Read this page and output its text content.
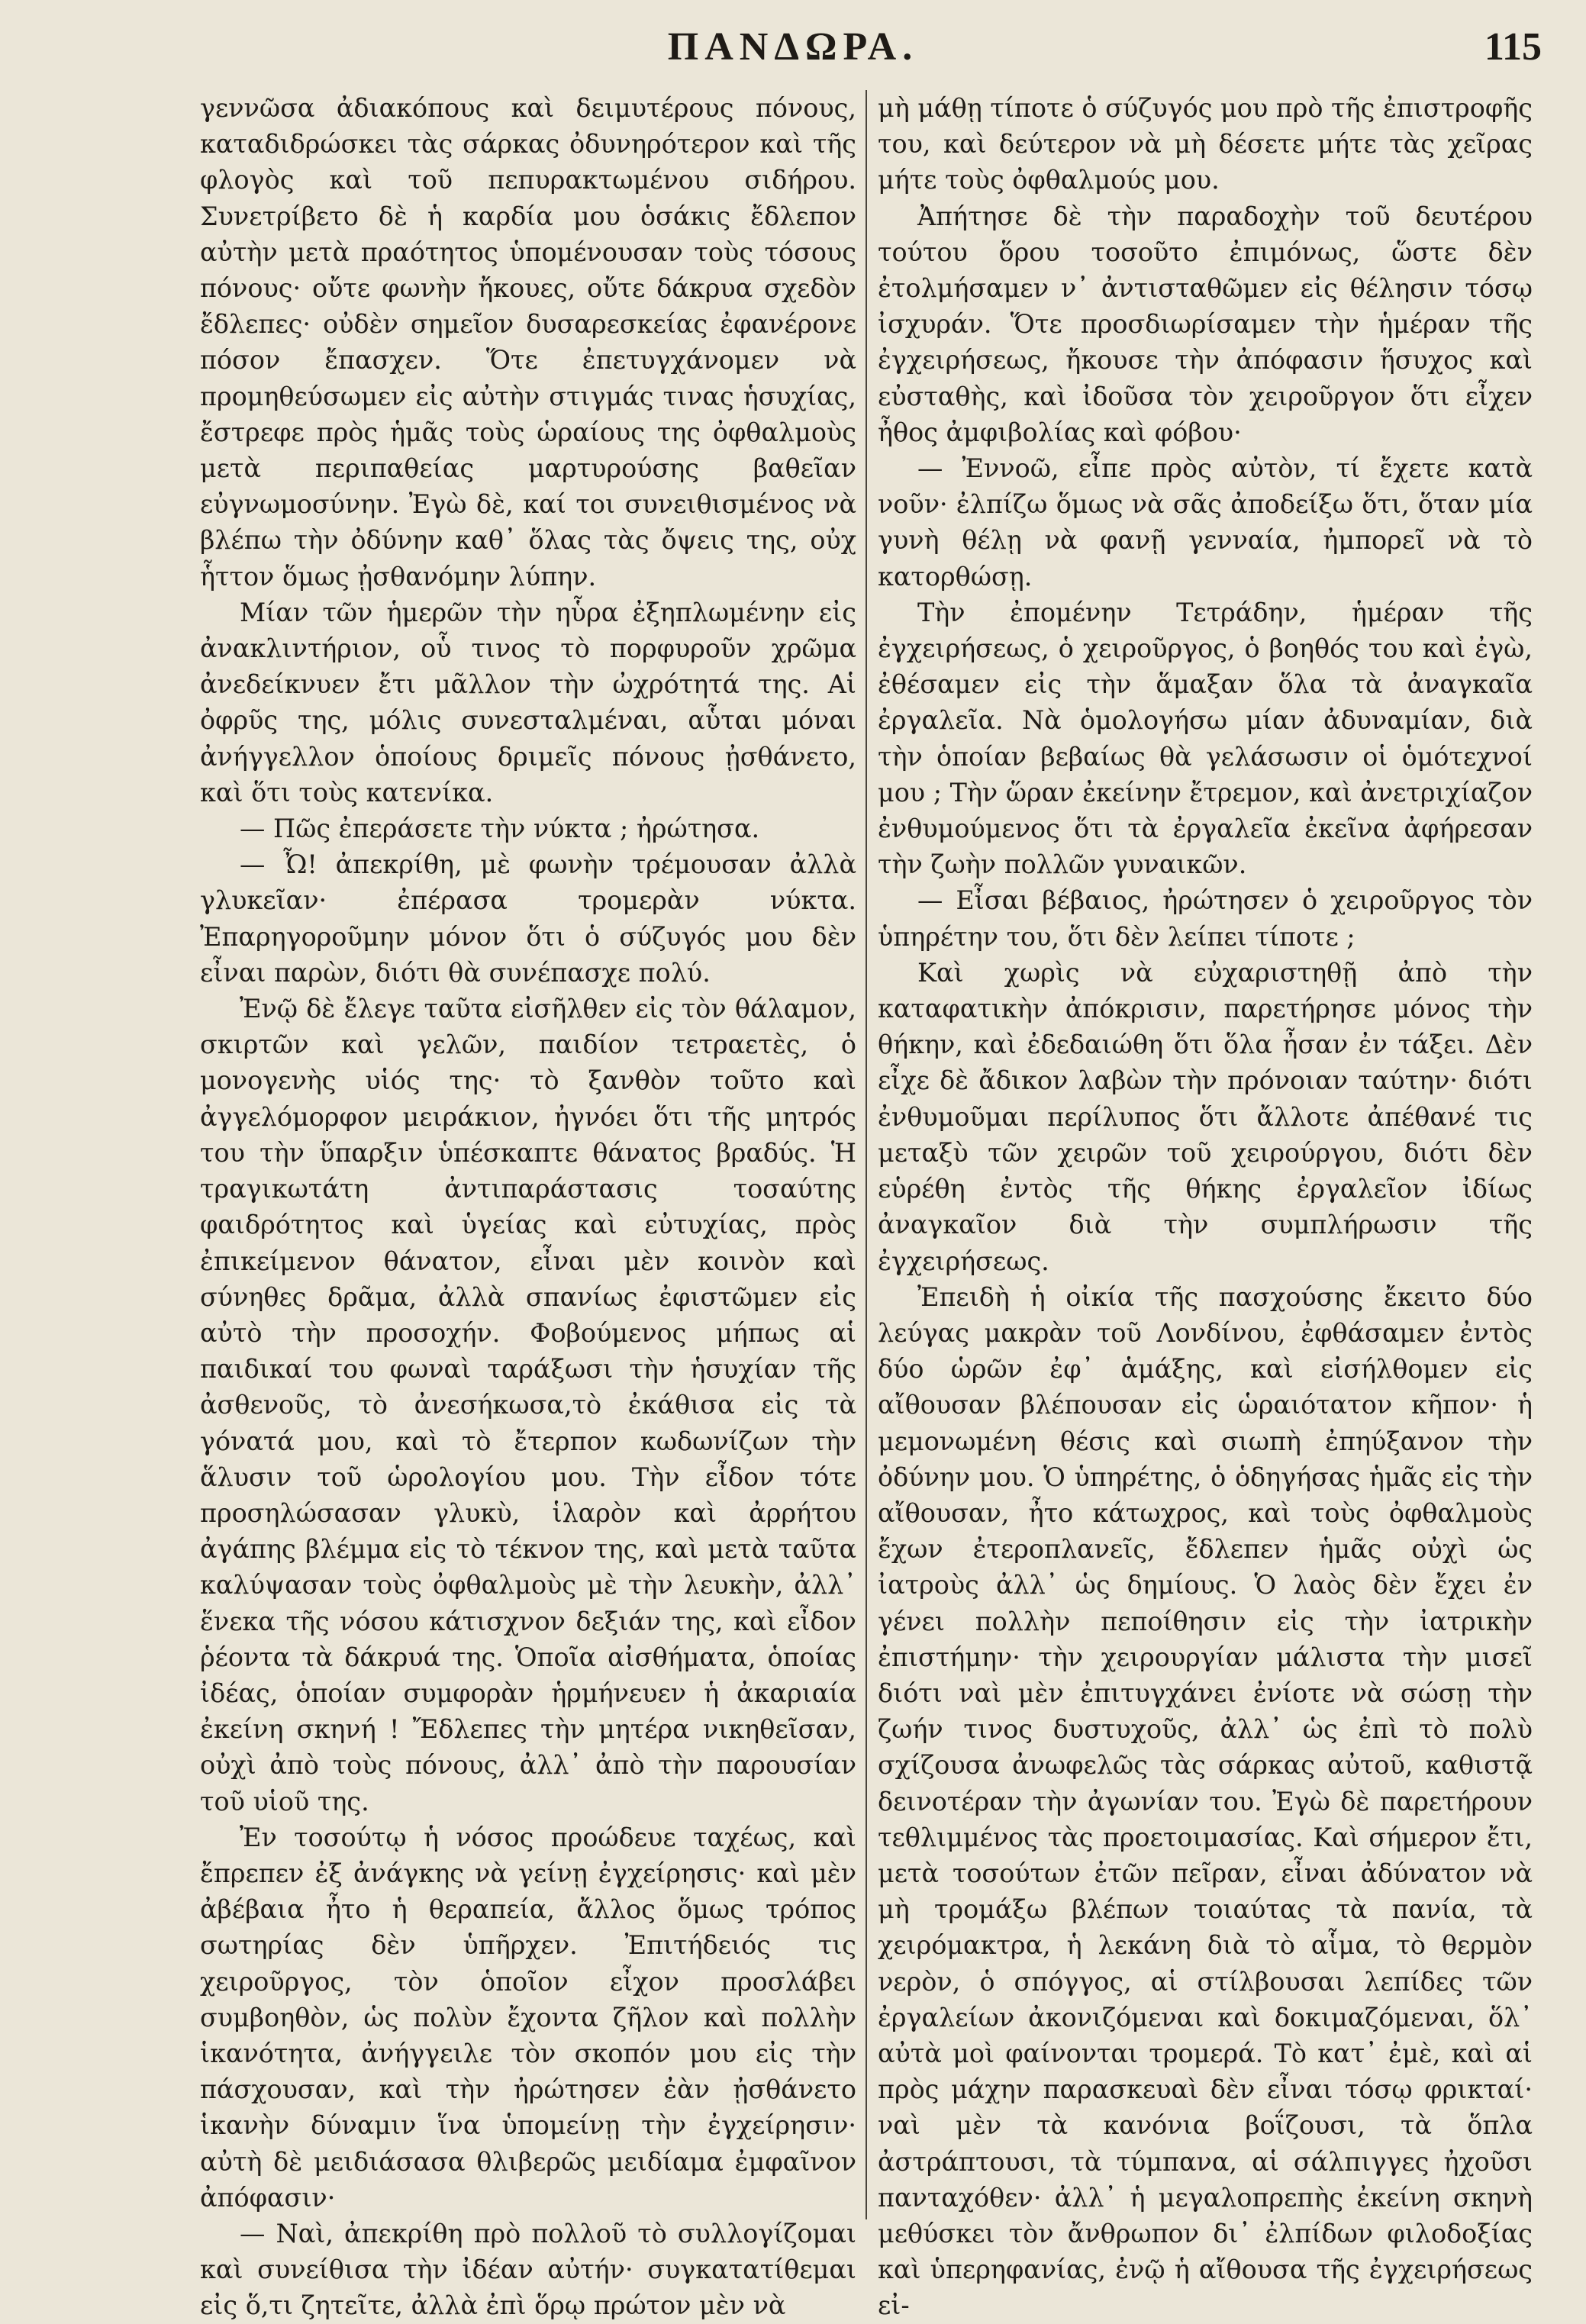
ΠΑΝΔΩΡΑ.	115

γεννῶσα ἀδιακόπους καὶ δειμυτέρους πόνους, καταδιδρώσκει τὰς σάρκας ὀδυνηρότερον καὶ τῆς φλογὸς καὶ τοῦ πεπυρακτωμένου σιδήρου. Συνετρίβετο δὲ ἡ καρδία μου ὁσάκις ἔδλεπον αὐτὴν μετὰ πραότητος ὑπομένουσαν τοὺς τόσους πόνους· οὔτε φωνὴν ἤκουες, οὔτε δάκρυα σχεδὸν ἔδλεπες· οὐδὲν σημεῖον δυσαρεσκείας ἐφανέρονε πόσον ἔπασχεν. Ὅτε ἐπετυγχάνομεν νὰ προμηθεύσωμεν εἰς αὐτὴν στιγμάς τινας ἡσυχίας, ἔστρεφε πρὸς ἡμᾶς τοὺς ὡραίους της ὀφθαλμοὺς μετὰ περιπαθείας μαρτυρούσης βαθεῖαν εὐγνωμοσύνην. Ἐγὼ δὲ, καί τοι συνειθισμένος νὰ βλέπω τὴν ὀδύνην καθ᾿ ὅλας τὰς ὄψεις της, οὐχ ἧττον ὅμως ᾐσθανόμην λύπην.

Μίαν τῶν ἡμερῶν τὴν ηὗρα ἐξηπλωμένην εἰς ἀνακλιντήριον, οὗ τινος τὸ πορφυροῦν χρῶμα ἀνεδείκνυεν ἔτι μᾶλλον τὴν ὠχρότητά της. Αἱ ὀφρῦς της, μόλις συνεσταλμέναι, αὗται μόναι ἀνήγγελλον ὁποίους δριμεῖς πόνους ᾐσθάνετο, καὶ ὅτι τοὺς κατενίκα.

— Πῶς ἐπεράσετε τὴν νύκτα ; ἠρώτησα.

— Ὦ! ἀπεκρίθη, μὲ φωνὴν τρέμουσαν ἀλλὰ γλυκεῖαν· ἐπέρασα τρομερὰν νύκτα. Ἐπαρηγοροῦμην μόνον ὅτι ὁ σύζυγός μου δὲν εἶναι παρὼν, διότι θὰ συνέπασχε πολύ.

Ἐνῷ δὲ ἔλεγε ταῦτα εἰσῆλθεν εἰς τὸν θάλαμον, σκιρτῶν καὶ γελῶν, παιδίον τετραετὲς, ὁ μονογενὴς υἱός της· τὸ ξανθὸν τοῦτο καὶ ἀγγελόμορφον μειράκιον, ἠγνόει ὅτι τῆς μητρός του τὴν ὕπαρξιν ὑπέσκαπτε θάνατος βραδύς. Ἡ τραγικωτάτη ἀντιπαράστασις τοσαύτης φαιδρότητος καὶ ὑγείας καὶ εὐτυχίας, πρὸς ἐπικείμενον θάνατον, εἶναι μὲν κοινὸν καὶ σύνηθες δρᾶμα, ἀλλὰ σπανίως ἐφιστῶμεν εἰς αὐτὸ τὴν προσοχήν. Φοβούμενος μήπως αἱ παιδικαί του φωναὶ ταράξωσι τὴν ἡσυχίαν τῆς ἀσθενοῦς, τὸ ἀνεσήκωσα,τὸ ἐκάθισα εἰς τὰ γόνατά μου, καὶ τὸ ἔτερπον κωδωνίζων τὴν ἅλυσιν τοῦ ὡρολογίου μου. Τὴν εἶδον τότε προσηλώσασαν γλυκὺ, ἱλαρὸν καὶ ἀρρήτου ἀγάπης βλέμμα εἰς τὸ τέκνον της, καὶ μετὰ ταῦτα καλύψασαν τοὺς ὀφθαλμοὺς μὲ τὴν λευκὴν, ἀλλ᾿ ἕνεκα τῆς νόσου κάτισχνον δεξιάν της, καὶ εἶδον ῥέοντα τὰ δάκρυά της. Ὁποῖα αἰσθήματα, ὁποίας ἰδέας, ὁποίαν συμφορὰν ἡρμήνευεν ἡ ἀκαριαία ἐκείνη σκηνή ! Ἔδλεπες τὴν μητέρα νικηθεῖσαν, οὐχὶ ἀπὸ τοὺς πόνους, ἀλλ᾿ ἀπὸ τὴν παρουσίαν τοῦ υἱοῦ της.

Ἐν τοσούτῳ ἡ νόσος προώδευε ταχέως, καὶ ἔπρεπεν ἐξ ἀνάγκης νὰ γείνῃ ἐγχείρησις· καὶ μὲν ἀβέβαια ἦτο ἡ θεραπεία, ἄλλος ὅμως τρόπος σωτηρίας δὲν ὑπῆρχεν. Ἐπιτήδειός τις χειροῦργος, τὸν ὁποῖον εἶχον προσλάβει συμβοηθὸν, ὡς πολὺν ἔχοντα ζῆλον καὶ πολλὴν ἱκανότητα, ἀνήγγειλε τὸν σκοπόν μου εἰς τὴν πάσχουσαν, καὶ τὴν ἠρώτησεν ἐὰν ᾐσθάνετο ἱκανὴν δύναμιν ἵνα ὑπομείνῃ τὴν ἐγχείρησιν· αὐτὴ δὲ μειδιάσασα θλιβερῶς μειδίαμα ἐμφαῖνον ἀπόφασιν·

— Ναὶ, ἀπεκρίθη πρὸ πολλοῦ τὸ συλλογίζομαι καὶ συνείθισα τὴν ἰδέαν αὐτήν· συγκατατίθεμαι εἰς ὅ,τι ζητεῖτε, ἀλλὰ ἐπὶ ὅρῳ πρώτον μὲν νὰ

μὴ μάθῃ τίποτε ὁ σύζυγός μου πρὸ τῆς ἐπιστροφῆς του, καὶ δεύτερον νὰ μὴ δέσετε μήτε τὰς χεῖρας μήτε τοὺς ὀφθαλμούς μου.

Ἀπήτησε δὲ τὴν παραδοχὴν τοῦ δευτέρου τούτου ὅρου τοσοῦτο ἐπιμόνως, ὥστε δὲν ἐτολμήσαμεν ν᾿ ἀντισταθῶμεν εἰς θέλησιν τόσῳ ἰσχυράν. Ὅτε προσδιωρίσαμεν τὴν ἡμέραν τῆς ἐγχειρήσεως, ἤκουσε τὴν ἀπόφασιν ἥσυχος καὶ εὐσταθὴς, καὶ ἰδοῦσα τὸν χειροῦργον ὅτι εἶχεν ἦθος ἀμφιβολίας καὶ φόβου·

— Ἐννοῶ, εἶπε πρὸς αὐτὸν, τί ἔχετε κατὰ νοῦν· ἐλπίζω ὅμως νὰ σᾶς ἀποδείξω ὅτι, ὅταν μία γυνὴ θέλῃ νὰ φανῇ γενναία, ἠμπορεῖ νὰ τὸ κατορθώσῃ.

Τὴν ἐπομένην Τετράδην, ἡμέραν τῆς ἐγχειρήσεως, ὁ χειροῦργος, ὁ βοηθός του καὶ ἐγὼ, ἐθέσαμεν εἰς τὴν ἅμαξαν ὅλα τὰ ἀναγκαῖα ἐργαλεῖα. Νὰ ὁμολογήσω μίαν ἀδυναμίαν, διὰ τὴν ὁποίαν βεβαίως θὰ γελάσωσιν οἱ ὁμότεχνοί μου ; Τὴν ὥραν ἐκείνην ἔτρεμον, καὶ ἀνετριχίαζον ἐνθυμούμενος ὅτι τὰ ἐργαλεῖα ἐκεῖνα ἀφήρεσαν τὴν ζωὴν πολλῶν γυναικῶν.

— Εἶσαι βέβαιος, ἠρώτησεν ὁ χειροῦργος τὸν ὑπηρέτην του, ὅτι δὲν λείπει τίποτε ;

Καὶ χωρὶς νὰ εὐχαριστηθῇ ἀπὸ τὴν καταφατικὴν ἀπόκρισιν, παρετήρησε μόνος τὴν θήκην, καὶ ἐδεδαιώθη ὅτι ὅλα ἦσαν ἐν τάξει. Δὲν εἶχε δὲ ἄδικον λαβὼν τὴν πρόνοιαν ταύτην· διότι ἐνθυμοῦμαι περίλυπος ὅτι ἄλλοτε ἀπέθανέ τις μεταξὺ τῶν χειρῶν τοῦ χειρούργου, διότι δὲν εὑρέθη ἐντὸς τῆς θήκης ἐργαλεῖον ἰδίως ἀναγκαῖον διὰ τὴν συμπλήρωσιν τῆς ἐγχειρήσεως.

Ἐπειδὴ ἡ οἰκία τῆς πασχούσης ἔκειτο δύο λεύγας μακρὰν τοῦ Λονδίνου, ἐφθάσαμεν ἐντὸς δύο ὡρῶν ἐφ᾿ ἁμάξης, καὶ εἰσήλθομεν εἰς αἴθουσαν βλέπουσαν εἰς ὡραιότατον κῆπον· ἡ μεμονωμένη θέσις καὶ σιωπὴ ἐπηύξανον τὴν ὀδύνην μου. Ὁ ὑπηρέτης, ὁ ὁδηγήσας ἡμᾶς εἰς τὴν αἴθουσαν, ἦτο κάτωχρος, καὶ τοὺς ὀφθαλμοὺς ἔχων ἐτεροπλανεῖς, ἔδλεπεν ἡμᾶς οὐχὶ ὡς ἰατροὺς ἀλλ᾿ ὡς δημίους. Ὁ λαὸς δὲν ἔχει ἐν γένει πολλὴν πεποίθησιν εἰς τὴν ἰατρικὴν ἐπιστήμην· τὴν χειρουργίαν μάλιστα τὴν μισεῖ διότι ναὶ μὲν ἐπιτυγχάνει ἐνίοτε νὰ σώσῃ τὴν ζωήν τινος δυστυχοῦς, ἀλλ᾿ ὡς ἐπὶ τὸ πολὺ σχίζουσα ἀνωφελῶς τὰς σάρκας αὐτοῦ, καθιστᾷ δεινοτέραν τὴν ἀγωνίαν του. Ἐγὼ δὲ παρετήρουν τεθλιμμένος τὰς προετοιμασίας. Καὶ σήμερον ἔτι, μετὰ τοσούτων ἐτῶν πεῖραν, εἶναι ἀδύνατον νὰ μὴ τρομάξω βλέπων τοιαύτας τὰ πανία, τὰ χειρόμακτρα, ἡ λεκάνη διὰ τὸ αἷμα, τὸ θερμὸν νερὸν, ὁ σπόγγος, αἱ στίλβουσαι λεπίδες τῶν ἐργαλείων ἀκονιζόμεναι καὶ δοκιμαζόμεναι, ὅλ᾿ αὐτὰ μοὶ φαίνονται τρομερά. Τὸ κατ᾿ ἐμὲ, καὶ αἱ πρὸς μάχην παρασκευαὶ δὲν εἶναι τόσῳ φρικταί· ναὶ μὲν τὰ κανόνια βοΐζουσι, τὰ ὅπλα ἀστράπτουσι, τὰ τύμπανα, αἱ σάλπιγγες ἠχοῦσι πανταχόθεν· ἀλλ᾿ ἡ μεγαλοπρεπὴς ἐκείνη σκηνὴ μεθύσκει τὸν ἄνθρωπον δι᾿ ἐλπίδων φιλοδοξίας καὶ ὑπερηφανίας, ἐνῷ ἡ αἴθουσα τῆς ἐγχειρήσεως εἰ-
